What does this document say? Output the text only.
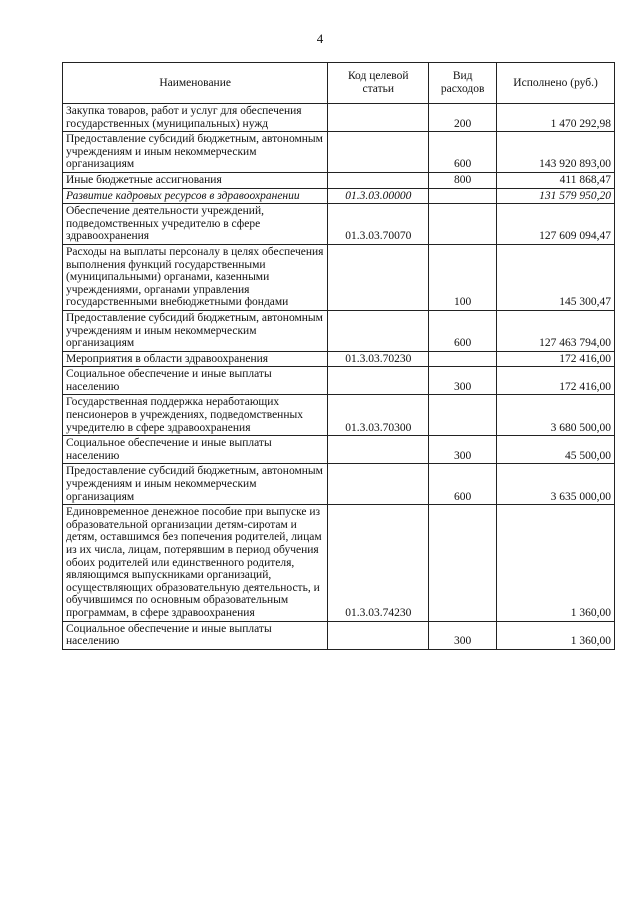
4
Наименование	Код целевой статьи	Вид расходов	Исполнено (руб.)
Закупка товаров, работ и услуг для обеспечения государственных (муниципальных) нужд		200	1 470 292,98
Предоставление субсидий бюджетным, автономным учреждениям и иным некоммерческим организациям		600	143 920 893,00
Иные бюджетные ассигнования		800	411 868,47
Развитие кадровых ресурсов в здравоохранении	01.3.03.00000		131 579 950,20
Обеспечение деятельности учреждений, подведомственных учредителю в сфере здравоохранения	01.3.03.70070		127 609 094,47
Расходы на выплаты персоналу в целях обеспечения выполнения функций государственными (муниципальными) органами, казенными учреждениями, органами управления государственными внебюджетными фондами		100	145 300,47
Предоставление субсидий бюджетным, автономным учреждениям и иным некоммерческим организациям		600	127 463 794,00
Мероприятия в области здравоохранения	01.3.03.70230		172 416,00
Социальное обеспечение и иные выплаты населению		300	172 416,00
Государственная поддержка неработающих пенсионеров в учреждениях, подведомственных учредителю в сфере здравоохранения	01.3.03.70300		3 680 500,00
Социальное обеспечение и иные выплаты населению		300	45 500,00
Предоставление субсидий бюджетным, автономным учреждениям и иным некоммерческим организациям		600	3 635 000,00
Единовременное денежное пособие при выпуске из образовательной организации детям-сиротам и детям, оставшимся без попечения родителей, лицам из их числа, лицам, потерявшим в период обучения обоих родителей или единственного родителя, являющимся выпускниками организаций, осуществляющих образовательную деятельность, и обучившимся по основным образовательным программам, в сфере здравоохранения	01.3.03.74230		1 360,00
Социальное обеспечение и иные выплаты населению		300	1 360,00
